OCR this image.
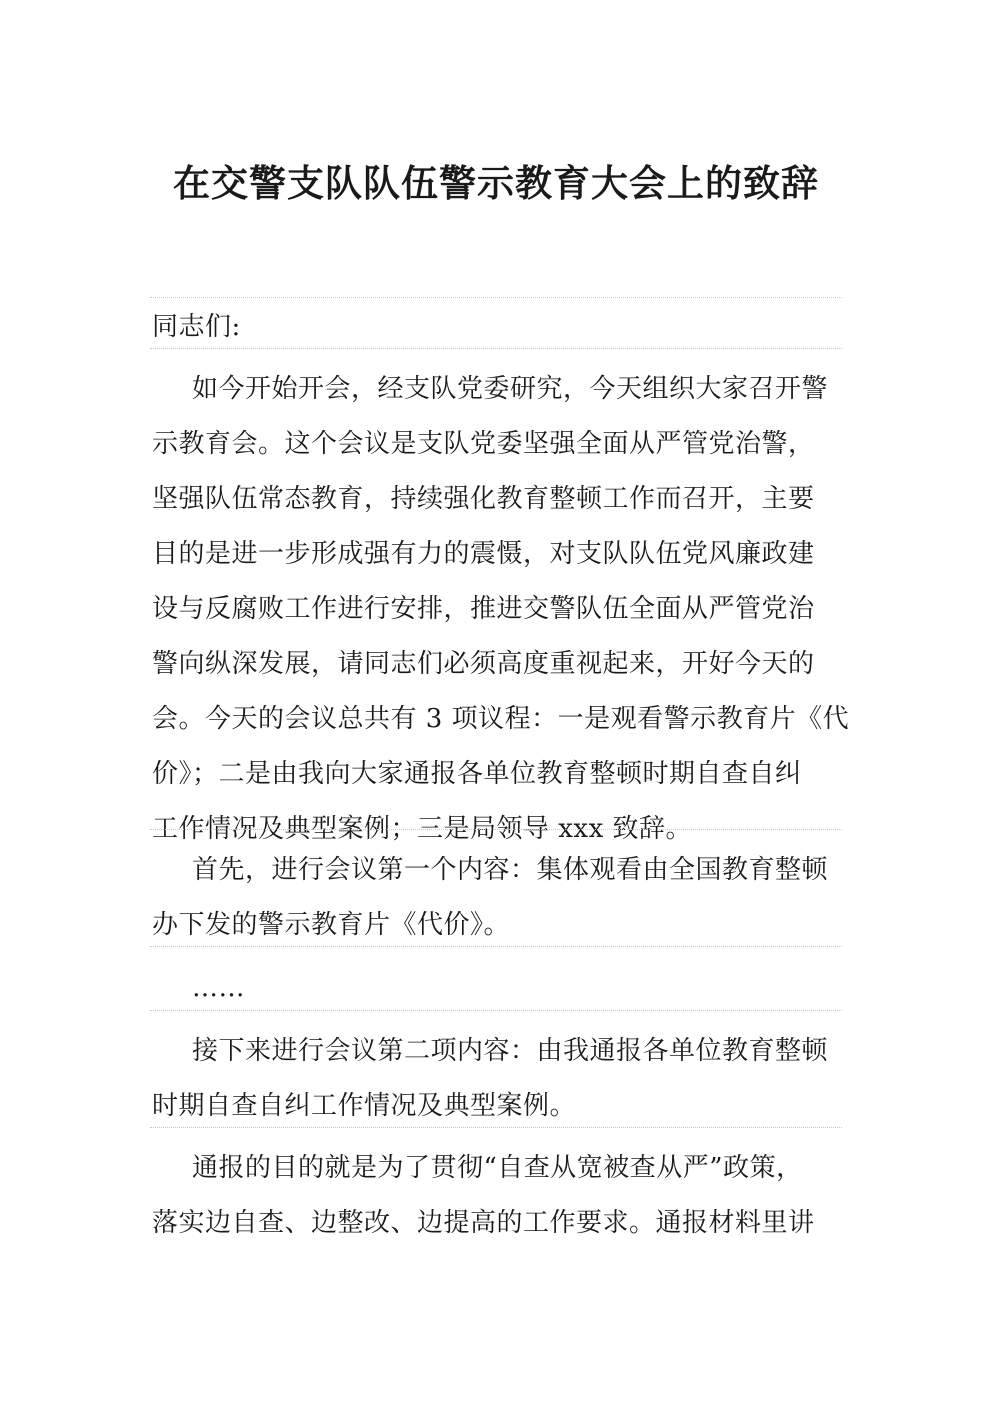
在交警支队队伍警示教育大会上的致辞

同志们:

如今开始开会，经支队党委研究，今天组织大家召开警
示教育会。这个会议是支队党委坚强全面从严管党治警，
坚强队伍常态教育，持续强化教育整顿工作而召开，主要
目的是进一步形成强有力的震慑，对支队队伍党风廉政建
设与反腐败工作进行安排，推进交警队伍全面从严管党治
警向纵深发展，请同志们必须高度重视起来，开好今天的
会。今天的会议总共有 3 项议程：一是观看警示教育片《代
价》；二是由我向大家通报各单位教育整顿时期自查自纠
工作情况及典型案例；三是局领导 xxx 致辞。

首先，进行会议第一个内容：集体观看由全国教育整顿
办下发的警示教育片《代价》。

……

接下来进行会议第二项内容：由我通报各单位教育整顿
时期自查自纠工作情况及典型案例。

通报的目的就是为了贯彻“自查从宽被查从严”政策，
落实边自查、边整改、边提高的工作要求。通报材料里讲
